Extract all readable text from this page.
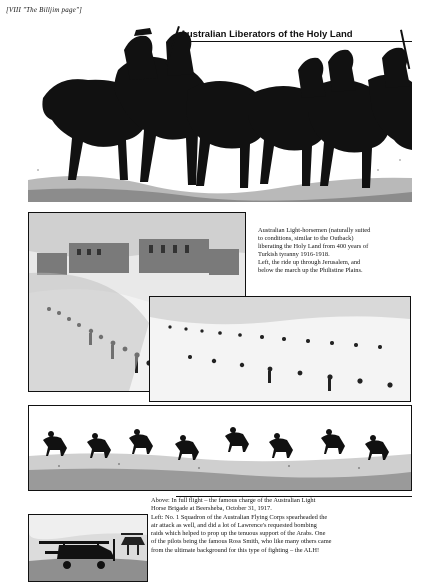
[VIII "The Billjim page"]
Australian Liberators of the Holy Land
Australian Light-horsemen (naturally suited
to conditions, similar to the Outback)
liberating the Holy Land from 400 years of
Turkish tyranny 1916-1918.
Left, the ride up through Jerusalem, and
below the march up the Philistine Plains.
Above: In full flight – the famous charge of the Australian Light
Horse Brigade at Beersheba, October 31, 1917.
Left: No. 1 Squadron of the Australian Flying Corps spearheaded the
air attack as well, and did a lot of Lawrence's requested bombing
raids which helped to prop up the tenuous support of the Arabs. One
of the pilots being the famous Ross Smith, who like many others came
from the ultimate background for this type of fighting – the ALH!
